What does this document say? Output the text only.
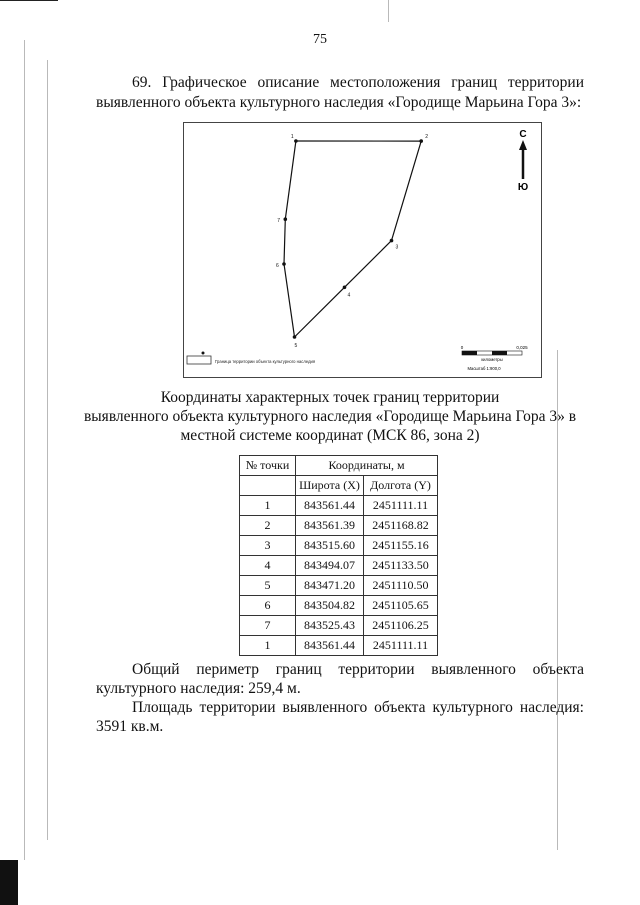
75
69. Графическое описание местоположения границ территории
выявленного объекта культурного наследия «Городище Марьина Гора 3»:
1	2
3
4
5
6
7
С
Ю
Граница территории объекта культурного наследия
0	0,025
километры
Масштаб 1:900,0
Координаты характерных точек границ территории
выявленного объекта культурного наследия «Городище Марьина Гора 3» в
местной системе координат (МСК 86, зона 2)
№ точки	Координаты, м	
	Широта (X)	Долгота (Y)
1	843561.44	2451111.11
2	843561.39	2451168.82
3	843515.60	2451155.16
4	843494.07	2451133.50
5	843471.20	2451110.50
6	843504.82	2451105.65
7	843525.43	2451106.25
1	843561.44	2451111.11
Общий периметр границ территории выявленного объекта
культурного наследия: 259,4 м.
Площадь территории выявленного объекта культурного наследия:
3591 кв.м.
